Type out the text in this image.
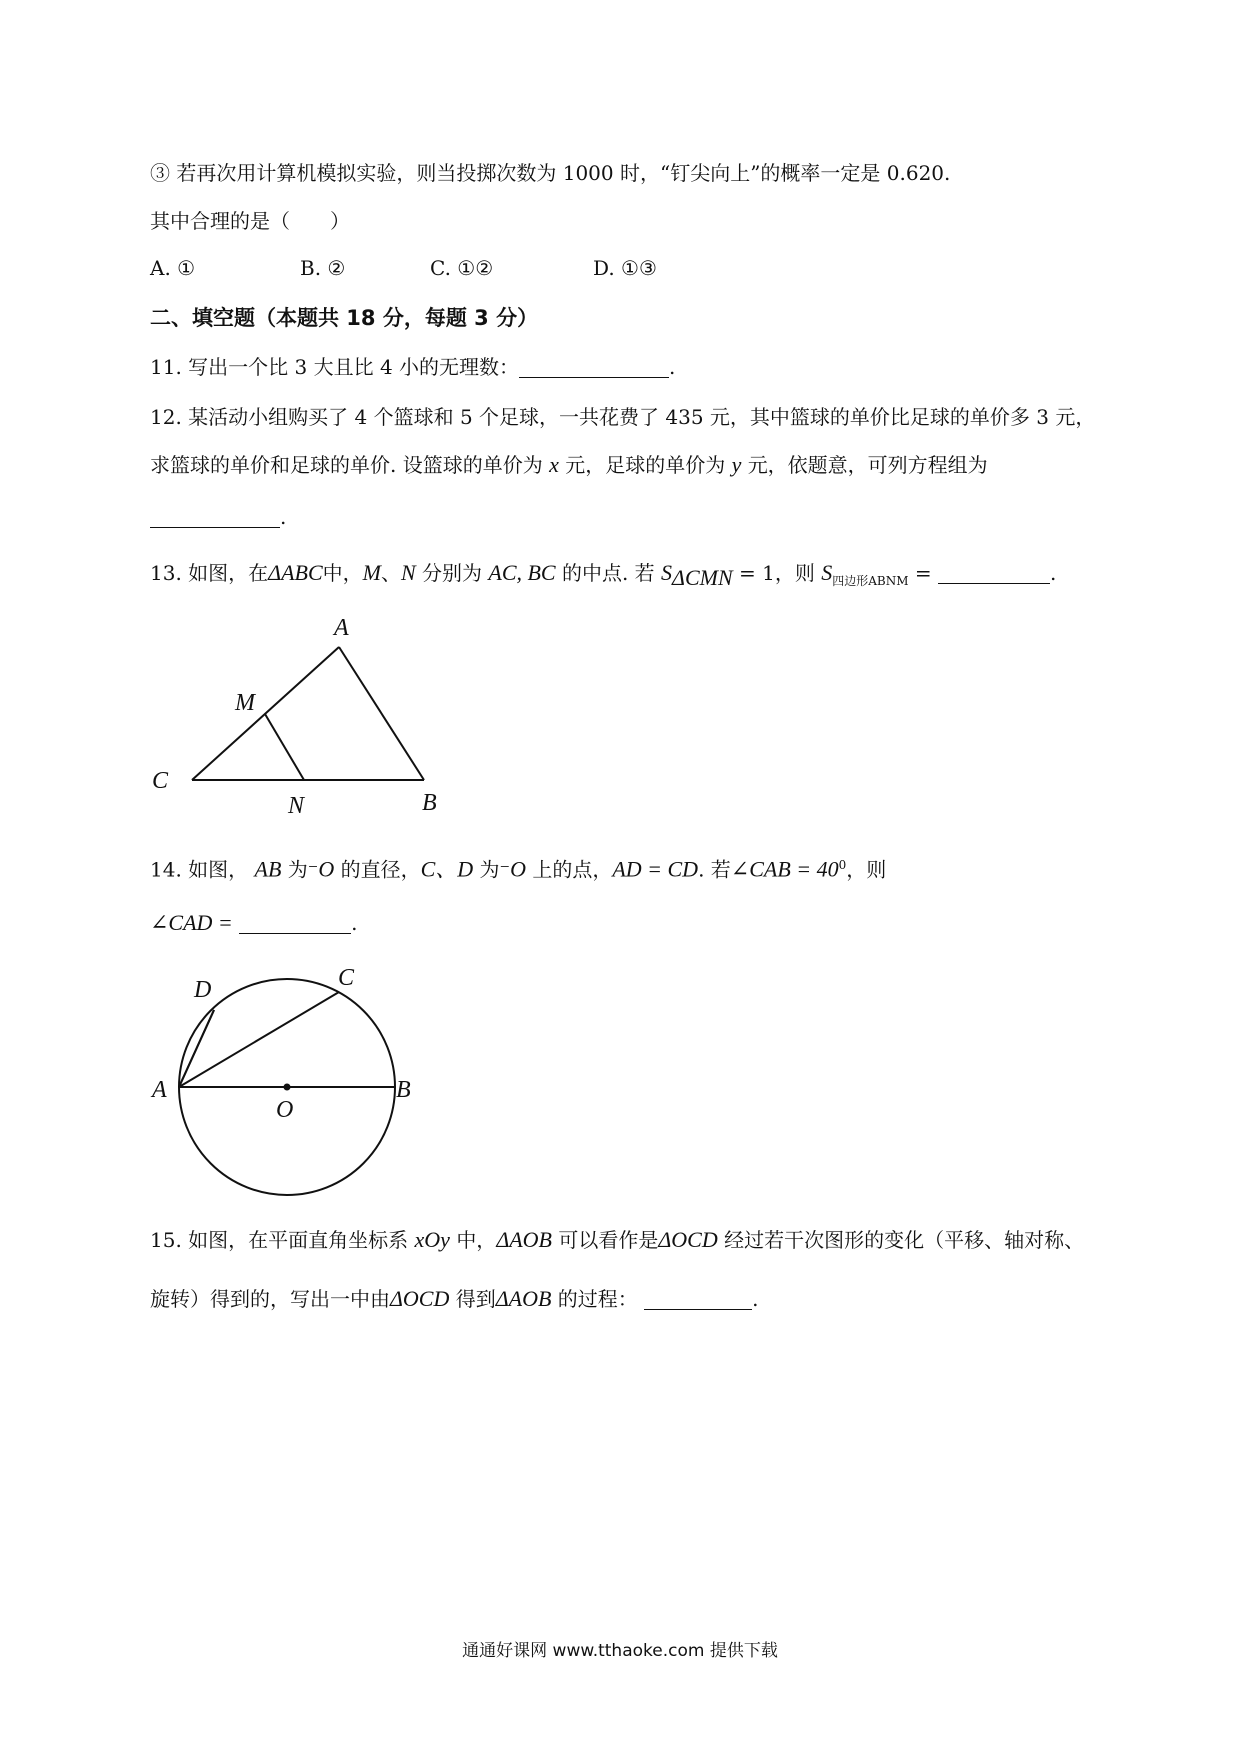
③ 若再次用计算机模拟实验，则当投掷次数为 1000 时，“钉尖向上”的概率一定是 0.620.
其中合理的是（　　）
A. ①	B. ②	C. ①②	D. ①③
二、填空题（本题共 18 分，每题 3 分）
11. 写出一个比 3 大且比 4 小的无理数：	.
12. 某活动小组购买了 4 个篮球和 5 个足球，一共花费了 435 元，其中篮球的单价比足球的单价多 3 元，
求篮球的单价和足球的单价. 设篮球的单价为 x 元，足球的单价为 y 元，依题意，可列方程组为
.
13. 如图，在ΔABC中，M、N 分别为 AC, BC 的中点. 若 $S_{\Delta CMN} = 1$，则 $S_{四边形ABNM}$ =	.
A
M
C
N	B
14. 如图， AB 为⁻O 的直径，C、D 为⁻O 上的点，AD = CD. 若∠CAB = $40^0$，则
∠CAD =	.
D	C
A
O
B
15. 如图，在平面直角坐标系 xOy 中，ΔAOB 可以看作是ΔOCD 经过若干次图形的变化（平移、轴对称、
旋转）得到的，写出一中由ΔOCD 得到ΔAOB 的过程：	.
通通好课网 www.tthaoke.com 提供下载
